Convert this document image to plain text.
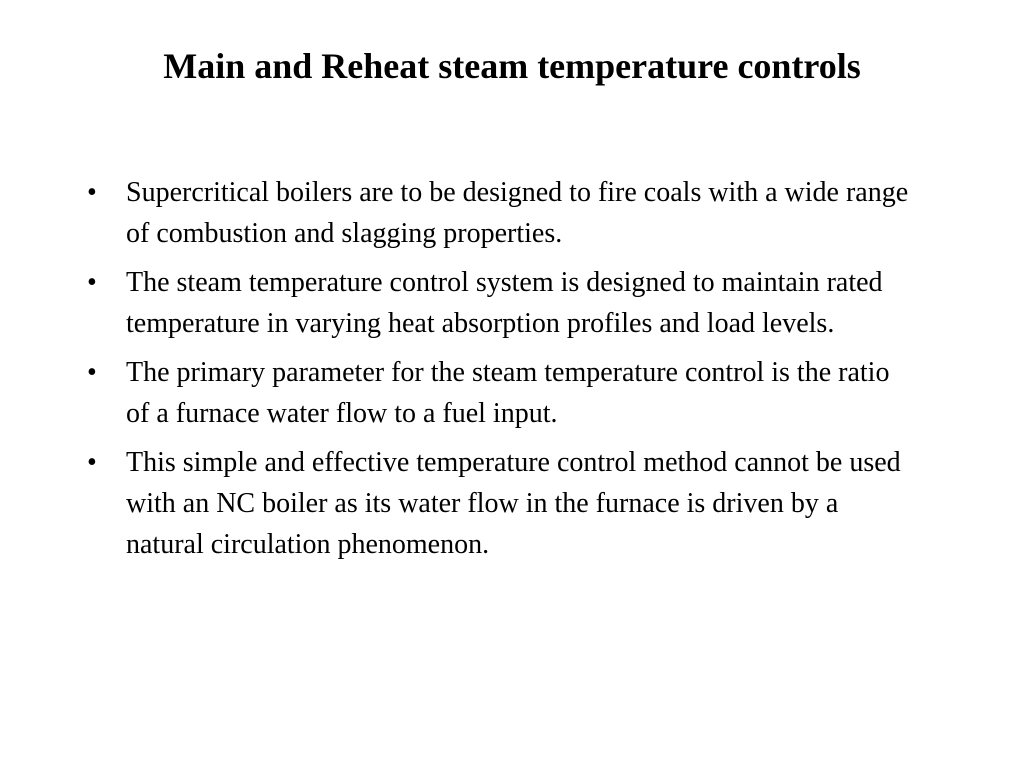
Main and Reheat steam temperature controls
•	Supercritical boilers are to be designed to fire coals with a wide range of combustion and slagging properties.
•	The steam temperature control system is designed to maintain rated temperature in varying heat absorption profiles and load levels.
•	The primary parameter for the steam temperature control is the ratio of a furnace water flow to a fuel input.
•	This simple and effective temperature control method cannot be used with an NC boiler as its water flow in the furnace is driven by a natural circulation phenomenon.
